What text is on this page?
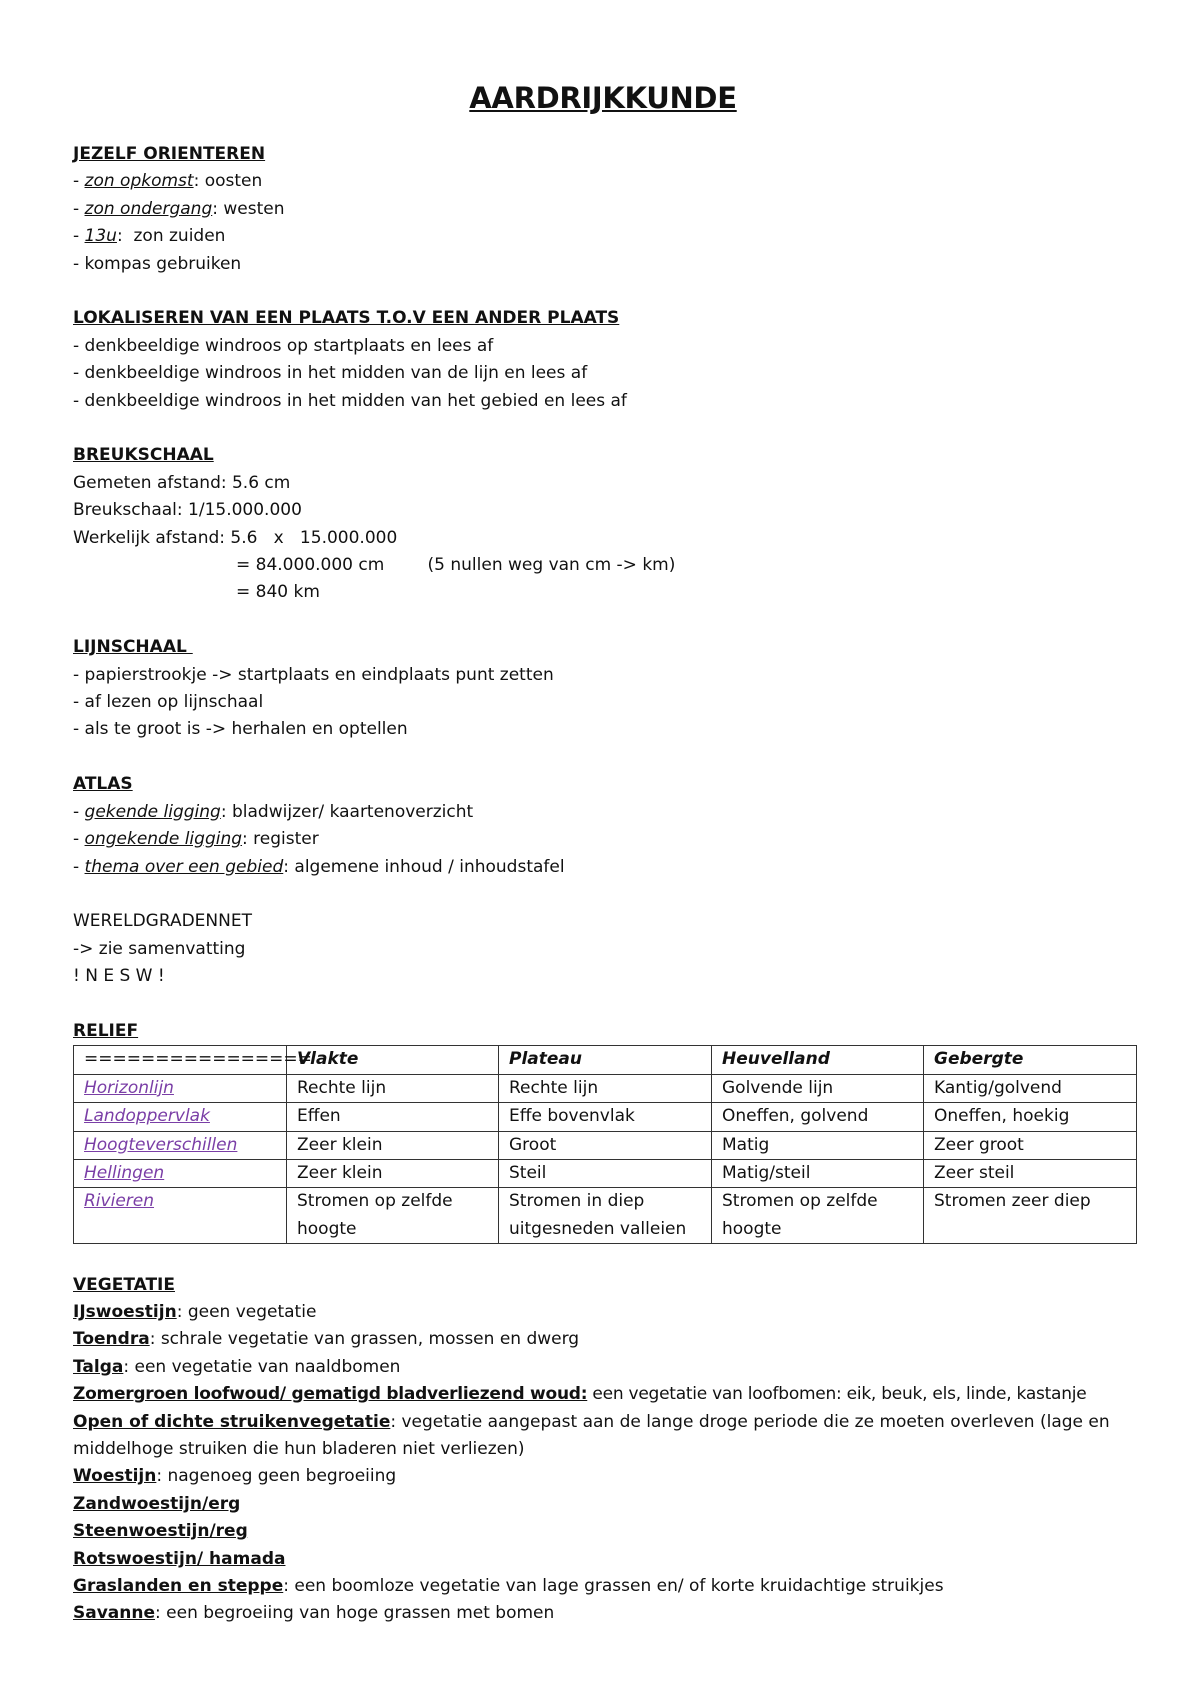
AARDRIJKKUNDE
JEZELF ORIENTEREN
- zon opkomst: oosten
- zon ondergang: westen
- 13u:  zon zuiden
- kompas gebruiken
LOKALISEREN VAN EEN PLAATS T.O.V EEN ANDER PLAATS
- denkbeeldige windroos op startplaats en lees af
- denkbeeldige windroos in het midden van de lijn en lees af
- denkbeeldige windroos in het midden van het gebied en lees af
BREUKSCHAAL
Gemeten afstand: 5.6 cm
Breukschaal: 1/15.000.000
Werkelijk afstand: 5.6   x   15.000.000
= 84.000.000 cm        (5 nullen weg van cm -> km)
= 840 km
LIJNSCHAAL
- papierstrookje -> startplaats en eindplaats punt zetten
- af lezen op lijnschaal
- als te groot is -> herhalen en optellen
ATLAS
- gekende ligging: bladwijzer/ kaartenoverzicht
- ongekende ligging: register
- thema over een gebied: algemene inhoud / inhoudstafel
WERELDGRADENNET
-> zie samenvatting
! N E S W !
RELIEF
================	Vlakte	Plateau	Heuvelland	Gebergte
Horizonlijn	Rechte lijn	Rechte lijn	Golvende lijn	Kantig/golvend
Landoppervlak	Effen	Effe bovenvlak	Oneffen, golvend	Oneffen, hoekig
Hoogteverschillen	Zeer klein	Groot	Matig	Zeer groot
Hellingen	Zeer klein	Steil	Matig/steil	Zeer steil
Rivieren	Stromen op zelfde hoogte	Stromen in diep uitgesneden valleien	Stromen op zelfde hoogte	Stromen zeer diep
VEGETATIE
IJswoestijn: geen vegetatie
Toendra: schrale vegetatie van grassen, mossen en dwerg
Talga: een vegetatie van naaldbomen
Zomergroen loofwoud/ gematigd bladverliezend woud: een vegetatie van loofbomen: eik, beuk, els, linde, kastanje
Open of dichte struikenvegetatie: vegetatie aangepast aan de lange droge periode die ze moeten overleven (lage en middelhoge struiken die hun bladeren niet verliezen)
Woestijn: nagenoeg geen begroeiing
Zandwoestijn/erg
Steenwoestijn/reg
Rotswoestijn/ hamada
Graslanden en steppe: een boomloze vegetatie van lage grassen en/ of korte kruidachtige struikjes
Savanne: een begroeiing van hoge grassen met bomen
